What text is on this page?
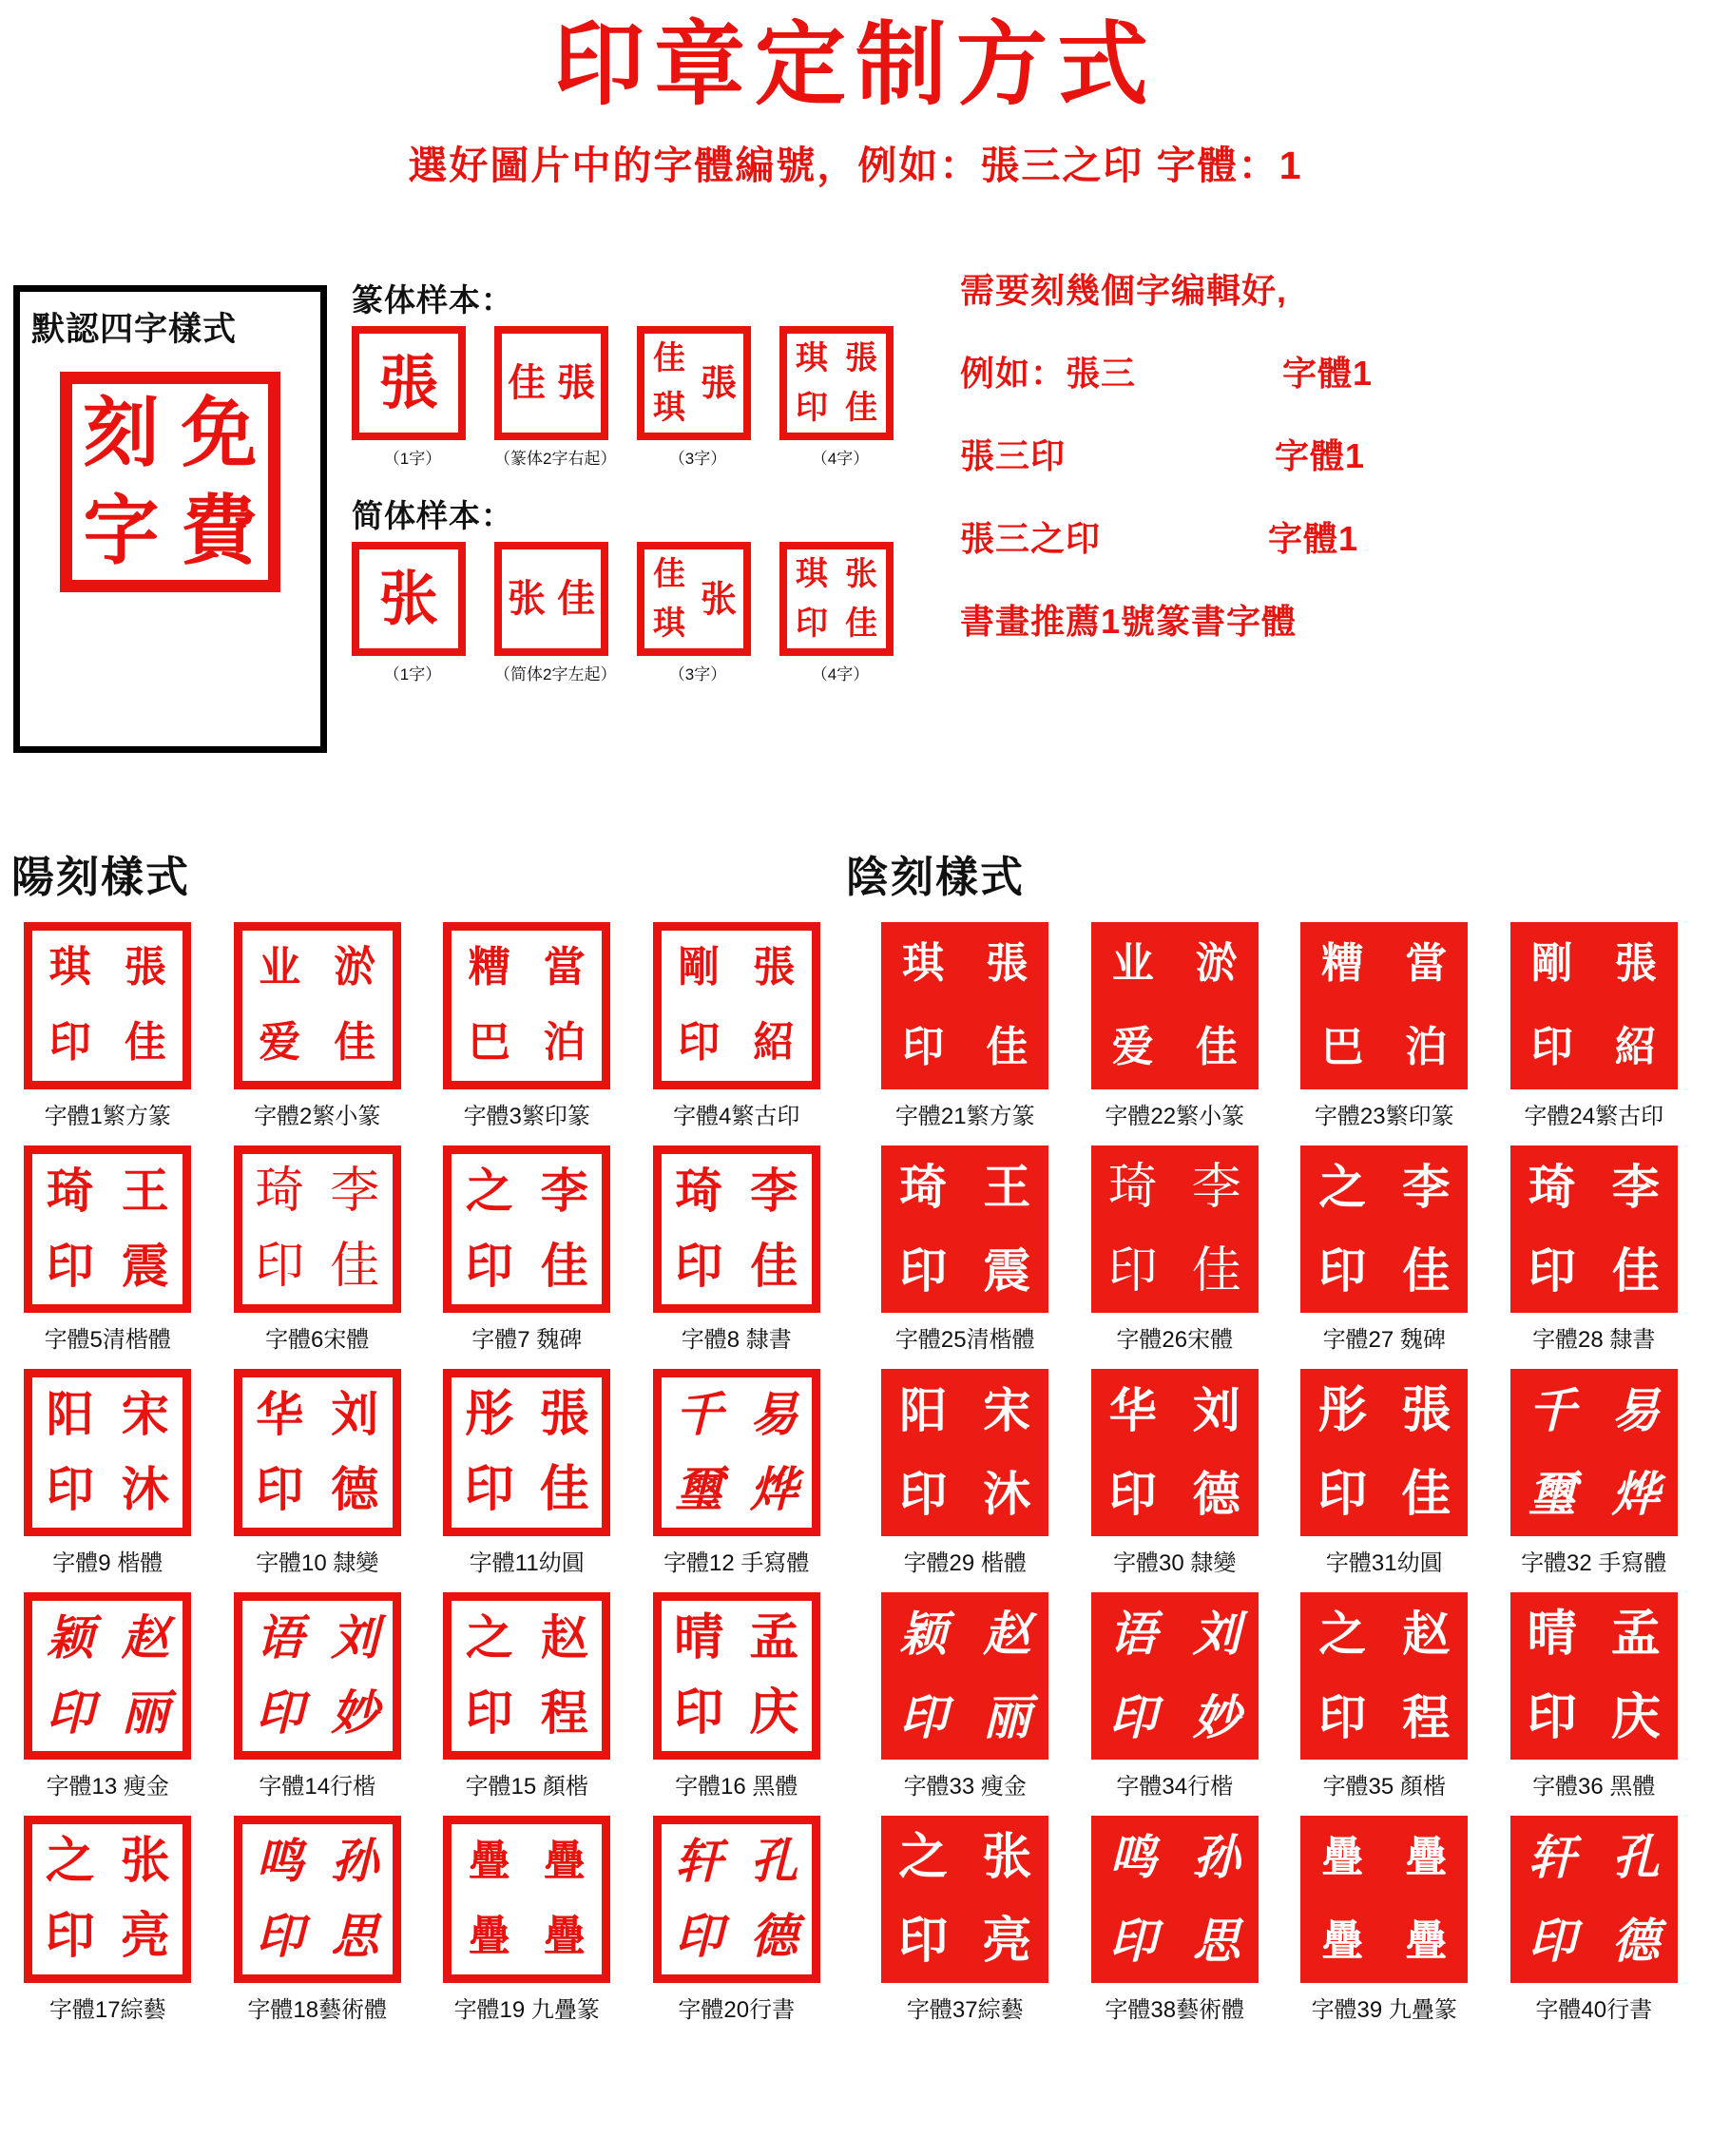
印章定制方式
選好圖片中的字體編號，例如：張三之印 字體：1
默認四字樣式
刻 免
字 費
篆体样本：
張
（1字）
佳 張
（篆体2字右起）
佳
張
琪
（3字）
琪 張
印 佳
（4字）
简体样本：
张
（1字）
张 佳
（简体2字左起）
佳
张
琪
（3字）
琪 张
印 佳
（4字）
需要刻幾個字编輯好,
例如：張三              字體1
張三印                    字體1
張三之印                字體1
書畫推薦1號篆書字體
陽刻樣式	陰刻樣式
琪 張
印 佳
字體1繁方篆
业 淤
爱 佳
字體2繁小篆
糟 當
巴 泊
字體3繁印篆
剛 張
印 紹
字體4繁古印
琪	張
印	佳
字體21繁方篆
业	淤
爱	佳
字體22繁小篆
糟	當
巴	泊
字體23繁印篆
剛	張
印	紹
字體24繁古印
琦 王
印 震
字體5清楷體
琦 李
印 佳
字體6宋體
之 李
印 佳
字體7 魏碑
琦 李
印 佳
字體8 隸書
琦 王
印 震
字體25清楷體
琦 李
印 佳
字體26宋體
之 李
印 佳
字體27 魏碑
琦 李
印 佳
字體28 隸書
阳 宋
印 沐
字體9 楷體
华 刘
印 德
字體10 隸變
彤 張
印 佳
字體11幼圓
千 易
璽 烨
字體12 手寫體
阳 宋
印 沐
字體29 楷體
华 刘
印 德
字體30 隸變
彤 張
印 佳
字體31幼圓
千 易
璽 烨
字體32 手寫體
颖 赵
印 丽
字體13 瘦金
语 刘
印 妙
字體14行楷
之 赵
印 程
字體15 顏楷
晴 孟
印 庆
字體16 黑體
颖 赵
印 丽
字體33 瘦金
语 刘
印 妙
字體34行楷
之 赵
印 程
字體35 顏楷
晴 孟
印 庆
字體36 黑體
之 张
印 亮
字體17綜藝
鸣 孙
印 思
字體18藝術體
疊 疊
疊 疊
字體19 九疊篆
轩 孔
印 德
字體20行書
之 张
印 亮
字體37綜藝
鸣 孙
印 思
字體38藝術體
疊	疊
疊	疊
字體39 九疊篆
轩 孔
印 德
字體40行書
